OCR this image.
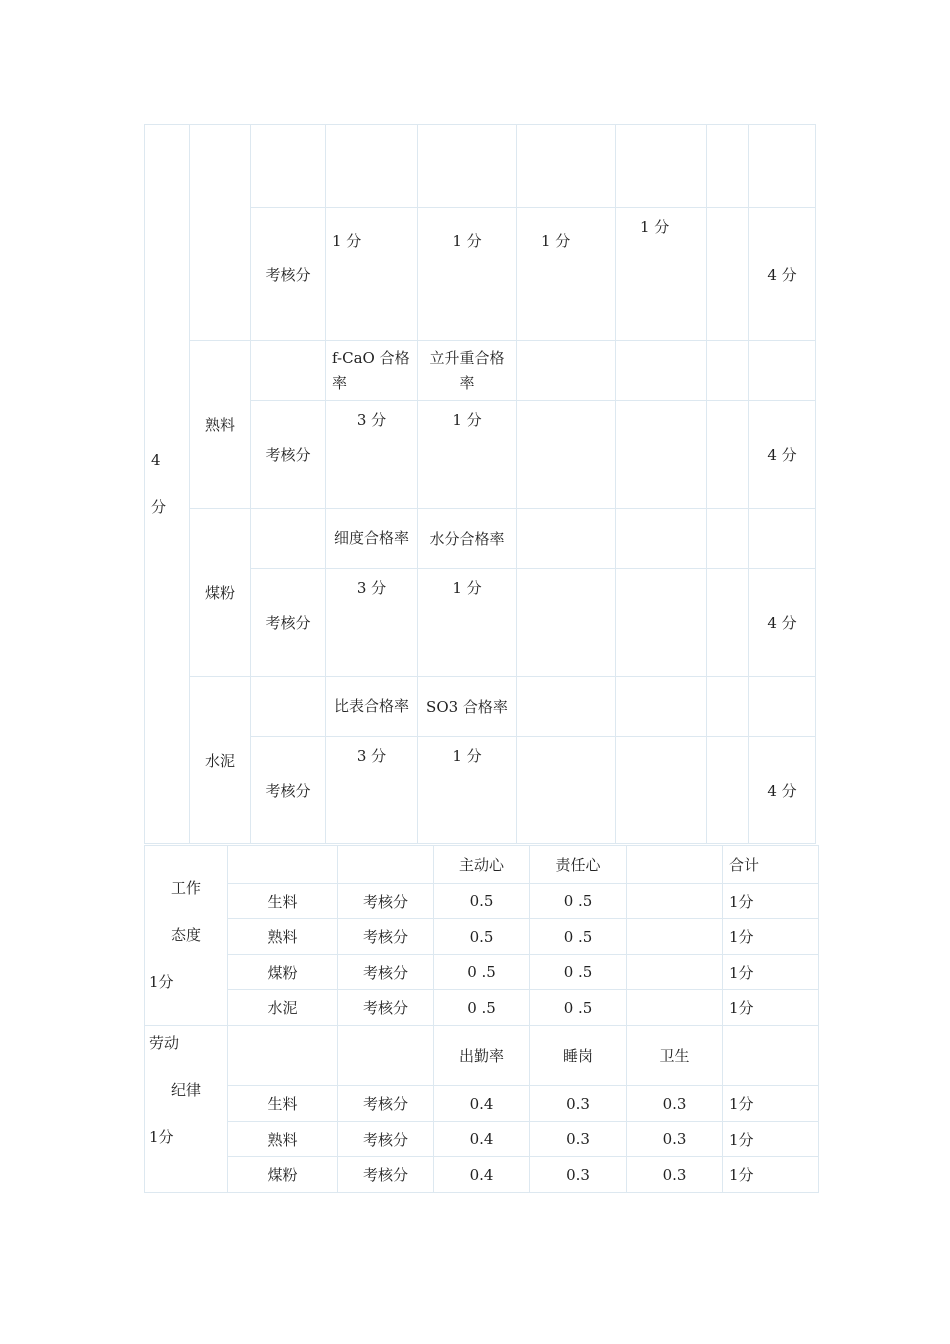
4
分								

		考核分	1 分	1 分	1 分	1 分		4 分
	熟料		f-CaO 合格率	立升重合格率				
		考核分	3 分	1 分				4 分
	煤粉		细度合格率	水分合格率				
		考核分	3 分	1 分				4 分
	水泥		比表合格率	SO3 合格率				
		考核分	3 分	1 分				4 分
工作
态度
1分			主动心	责任心		合计
	生料	考核分	0.5	0 .5		1分
	熟料	考核分	0.5	0 .5		1分
	煤粉	考核分	0 .5	0 .5		1分
	水泥	考核分	0 .5	0 .5		1分

劳动
纪律
1分			出勤率	睡岗	卫生	
	生料	考核分	0.4	0.3	0.3	1分
	熟料	考核分	0.4	0.3	0.3	1分
	煤粉	考核分	0.4	0.3	0.3	1分
